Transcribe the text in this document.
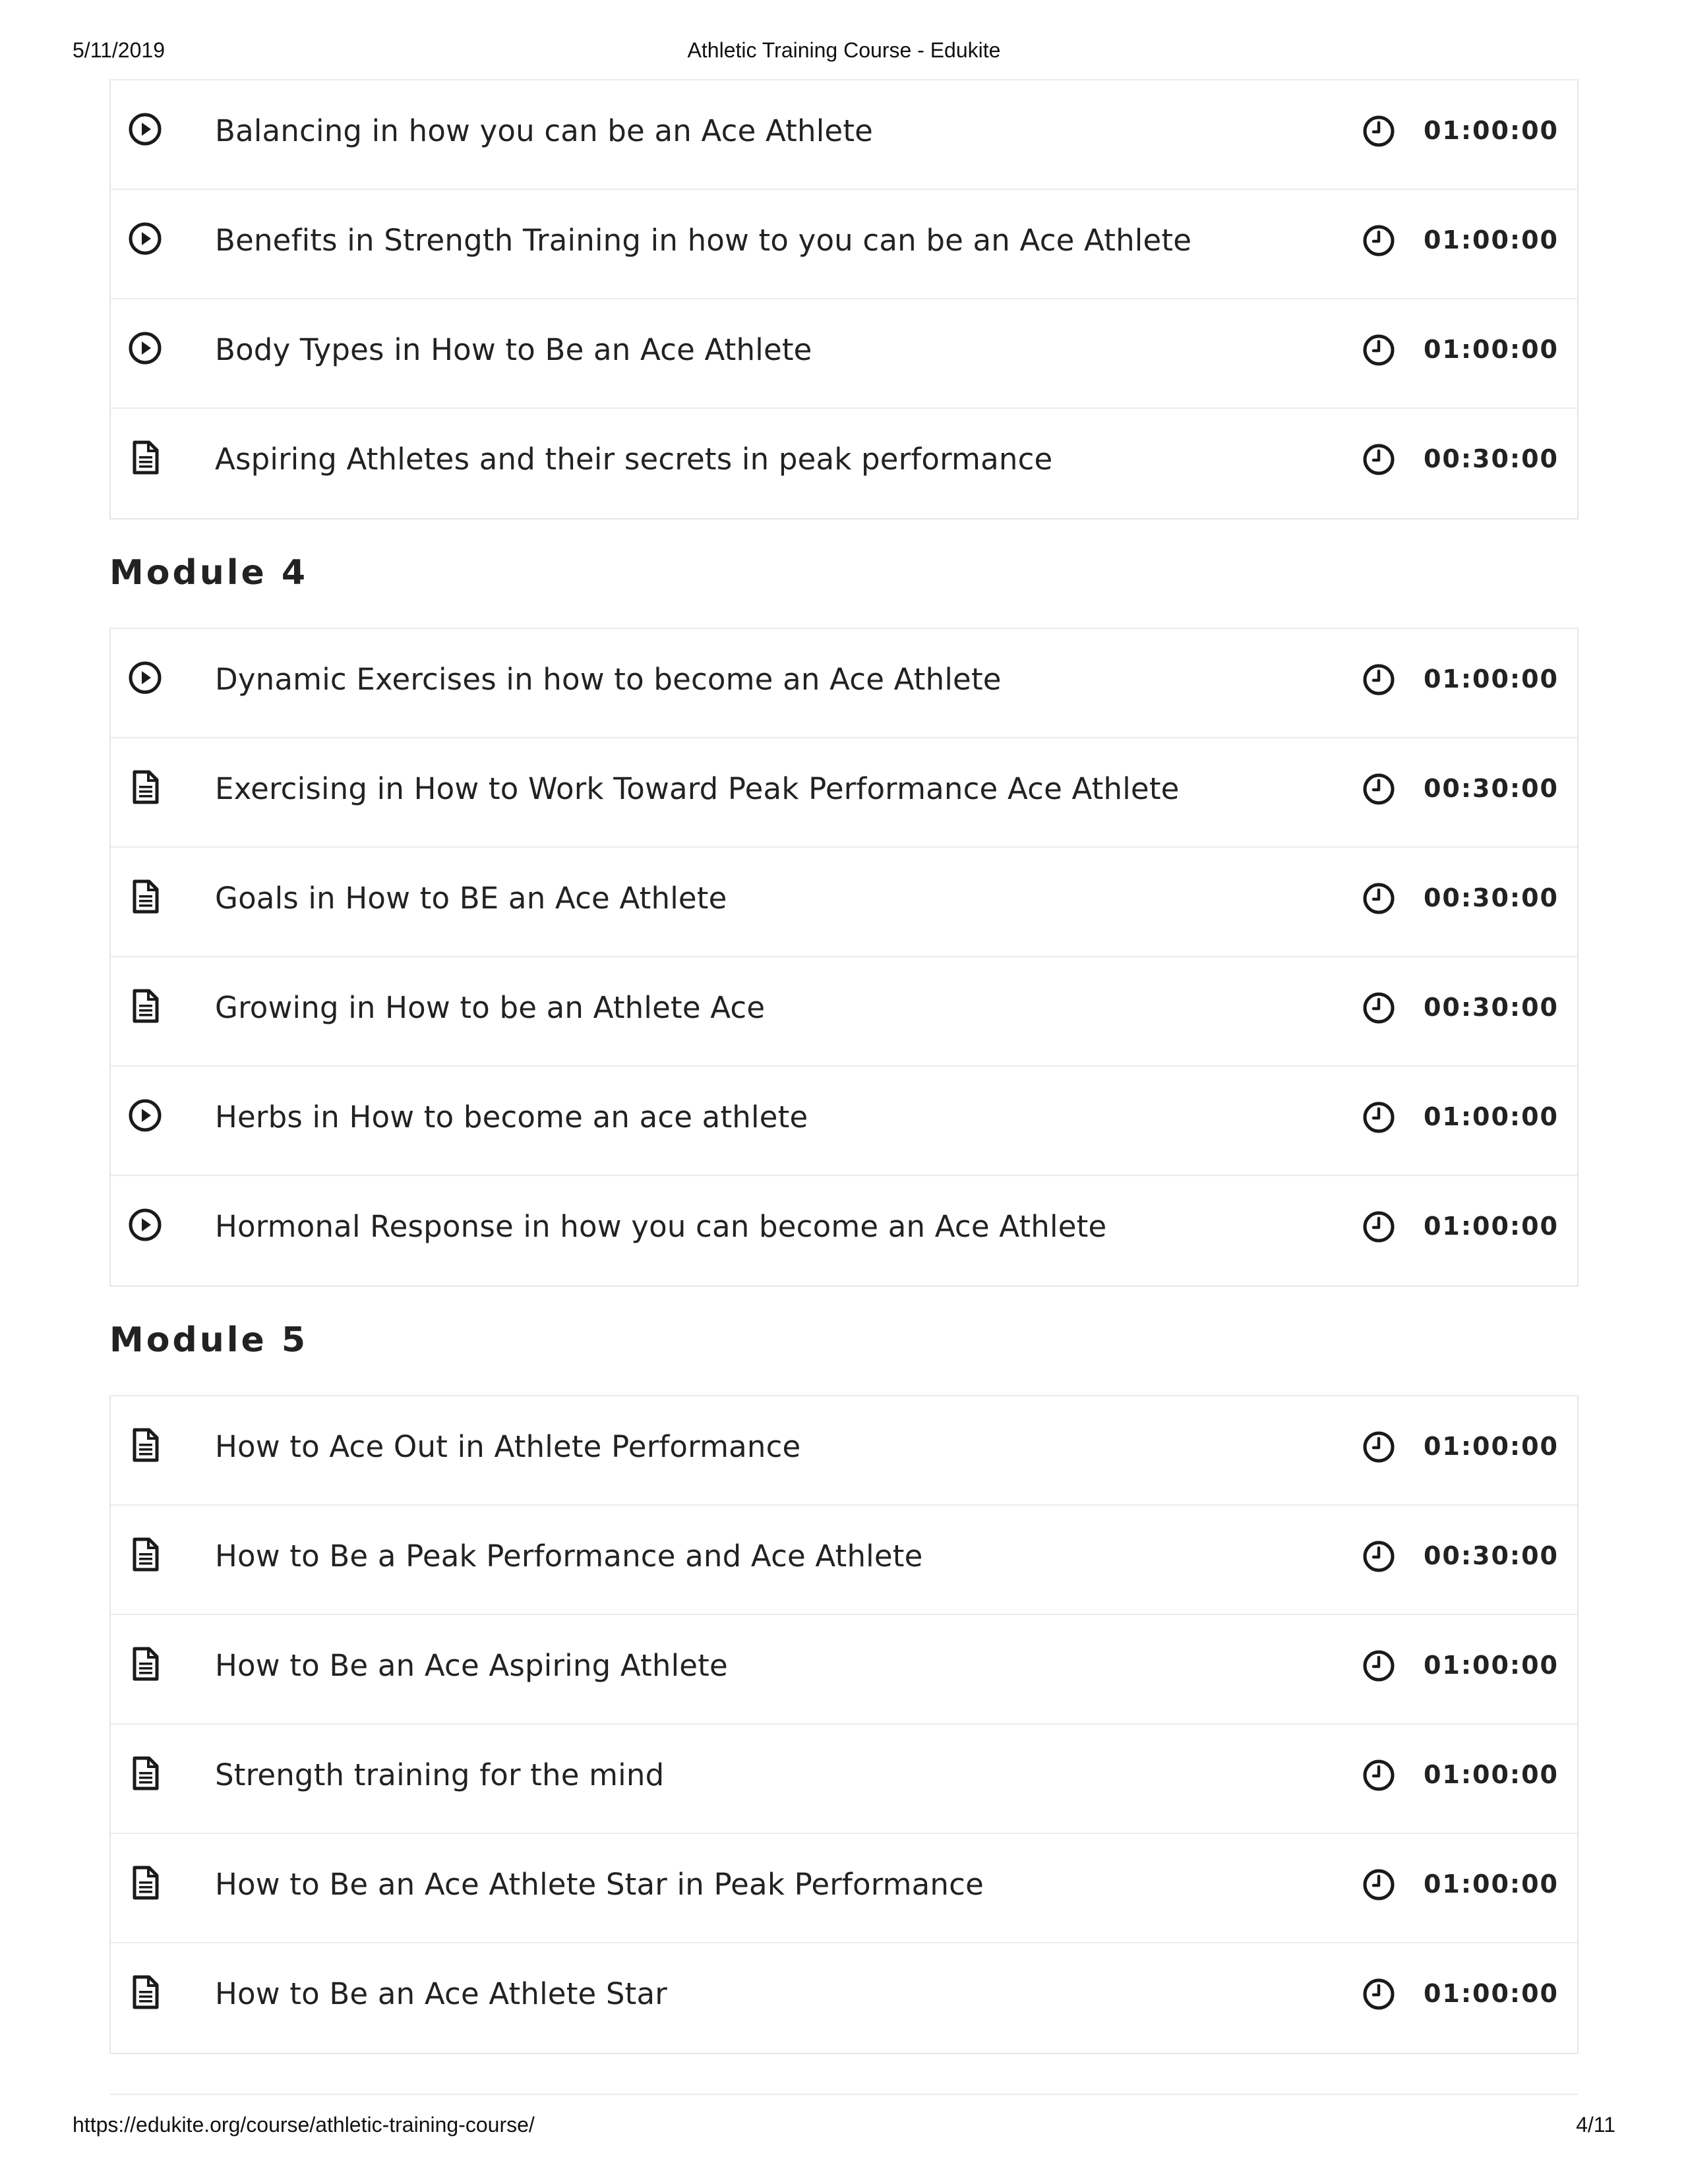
5/11/2019	Athletic Training Course - Edukite
Balancing in how you can be an Ace Athlete	01:00:00
Benefits in Strength Training in how to you can be an Ace Athlete	01:00:00
Body Types in How to Be an Ace Athlete	01:00:00
Aspiring Athletes and their secrets in peak performance	00:30:00
Module 4
Dynamic Exercises in how to become an Ace Athlete	01:00:00
Exercising in How to Work Toward Peak Performance Ace Athlete	00:30:00
Goals in How to BE an Ace Athlete	00:30:00
Growing in How to be an Athlete Ace	00:30:00
Herbs in How to become an ace athlete	01:00:00
Hormonal Response in how you can become an Ace Athlete	01:00:00
Module 5
How to Ace Out in Athlete Performance	01:00:00
How to Be a Peak Performance and Ace Athlete	00:30:00
How to Be an Ace Aspiring Athlete	01:00:00
Strength training for the mind	01:00:00
How to Be an Ace Athlete Star in Peak Performance	01:00:00
How to Be an Ace Athlete Star	01:00:00
https://edukite.org/course/athletic-training-course/	4/11
